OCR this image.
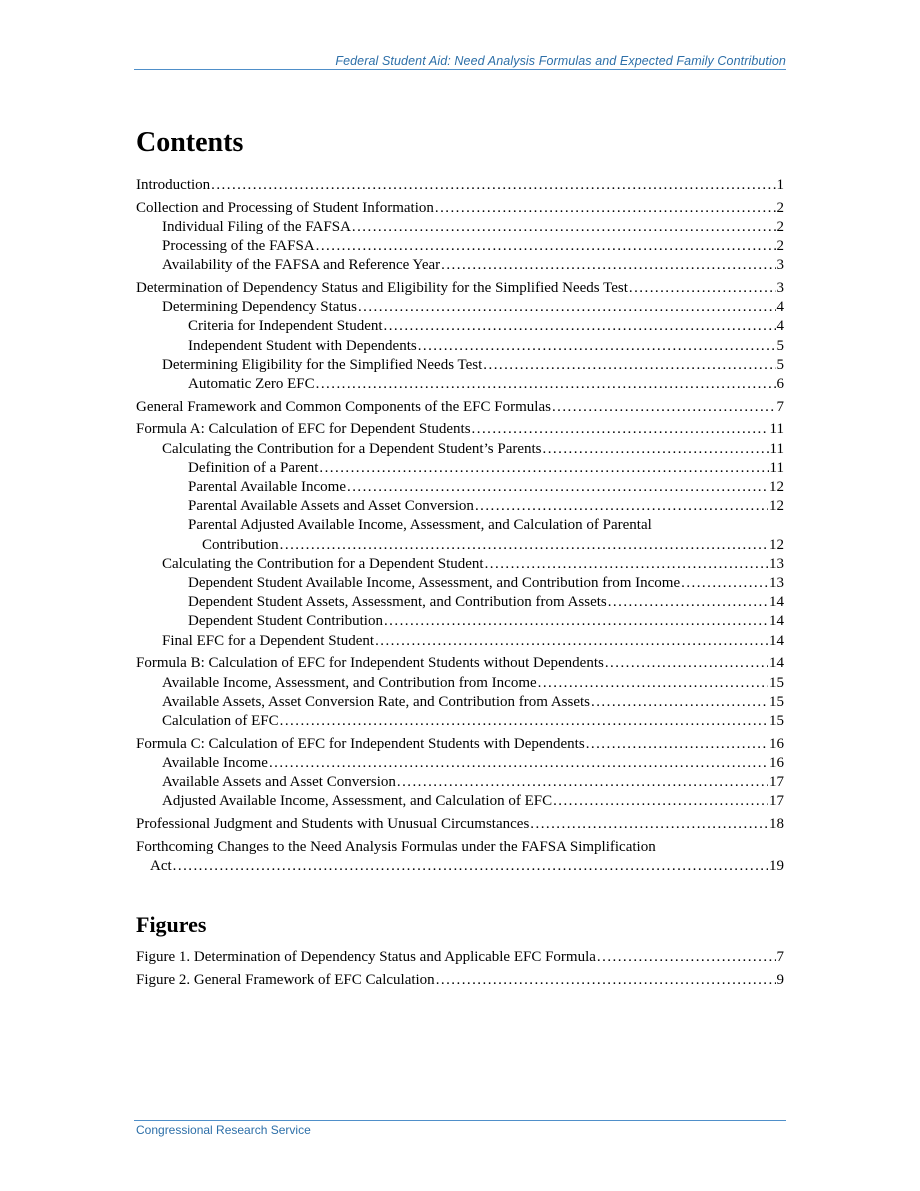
Federal Student Aid: Need Analysis Formulas and Expected Family Contribution
Contents
Introduction . . .	1
Collection and Processing of Student Information . . .	2
Individual Filing of the FAFSA . . .	2
Processing of the FAFSA . . .	2
Availability of the FAFSA and Reference Year . . .	3
Determination of Dependency Status and Eligibility for the Simplified Needs Test . . .	3
Determining Dependency Status . . .	4
Criteria for Independent Student . . .	4
Independent Student with Dependents . . .	5
Determining Eligibility for the Simplified Needs Test . . .	5
Automatic Zero EFC . . .	6
General Framework and Common Components of the EFC Formulas . . .	7
Formula A: Calculation of EFC for Dependent Students . . .	11
Calculating the Contribution for a Dependent Student’s Parents . . .	11
Definition of a Parent . . .	11
Parental Available Income . . .	12
Parental Available Assets and Asset Conversion . . .	12
Parental Adjusted Available Income, Assessment, and Calculation of Parental
Contribution . . .	12
Calculating the Contribution for a Dependent Student . . .	13
Dependent Student Available Income, Assessment, and Contribution from Income . . .	13
Dependent Student Assets, Assessment, and Contribution from Assets . . .	14
Dependent Student Contribution . . .	14
Final EFC for a Dependent Student . . .	14
Formula B: Calculation of EFC for Independent Students without Dependents . . .	14
Available Income, Assessment, and Contribution from Income . . .	15
Available Assets, Asset Conversion Rate, and Contribution from Assets . . .	15
Calculation of EFC . . .	15
Formula C: Calculation of EFC for Independent Students with Dependents . . .	16
Available Income . . .	16
Available Assets and Asset Conversion . . .	17
Adjusted Available Income, Assessment, and Calculation of EFC . . .	17
Professional Judgment and Students with Unusual Circumstances . . .	18
Forthcoming Changes to the Need Analysis Formulas under the FAFSA Simplification
Act . . .	19
Figures
Figure 1. Determination of Dependency Status and Applicable EFC Formula . . .	7
Figure 2. General Framework of EFC Calculation . . .	9
Congressional Research Service
